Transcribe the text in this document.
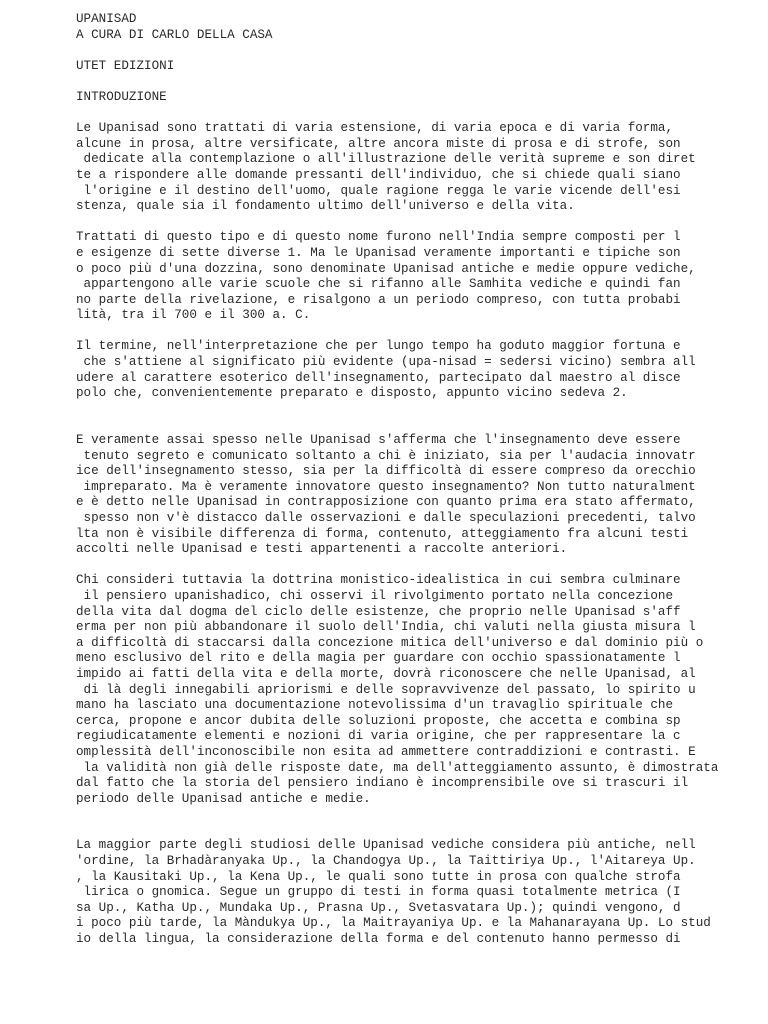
UPANISAD
A CURA DI CARLO DELLA CASA
UTET EDIZIONI
INTRODUZIONE
Le Upanisad sono trattati di varia estensione, di varia epoca e di varia forma,
alcune in prosa, altre versificate, altre ancora miste di prosa e di strofe, son
dedicate alla contemplazione o all'illustrazione delle verità supreme e son diret
te a rispondere alle domande pressanti dell'individuo, che si chiede quali siano
l'origine e il destino dell'uomo, quale ragione regga le varie vicende dell'esi
stenza, quale sia il fondamento ultimo dell'universo e della vita.
Trattati di questo tipo e di questo nome furono nell'India sempre composti per l
e esigenze di sette diverse 1. Ma le Upanisad veramente importanti e tipiche son
o poco più d'una dozzina, sono denominate Upanisad antiche e medie oppure vediche,
appartengono alle varie scuole che si rifanno alle Samhita vediche e quindi fan
no parte della rivelazione, e risalgono a un periodo compreso, con tutta probabi
lità, tra il 700 e il 300 a. C.
Il termine, nell'interpretazione che per lungo tempo ha goduto maggior fortuna e
che s'attiene al significato più evidente (upa-nisad = sedersi vicino) sembra all
udere al carattere esoterico dell'insegnamento, partecipato dal maestro al disce
polo che, convenientemente preparato e disposto, appunto vicino sedeva 2.
E veramente assai spesso nelle Upanisad s'afferma che l'insegnamento deve essere
tenuto segreto e comunicato soltanto a chi è iniziato, sia per l'audacia innovatr
ice dell'insegnamento stesso, sia per la difficoltà di essere compreso da orecchio
impreparato. Ma è veramente innovatore questo insegnamento? Non tutto naturalment
e è detto nelle Upanisad in contrapposizione con quanto prima era stato affermato,
spesso non v'è distacco dalle osservazioni e dalle speculazioni precedenti, talvo
lta non è visibile differenza di forma, contenuto, atteggiamento fra alcuni testi
accolti nelle Upanisad e testi appartenenti a raccolte anteriori.
Chi consideri tuttavia la dottrina monistico-idealistica in cui sembra culminare
il pensiero upanishadico, chi osservi il rivolgimento portato nella concezione
della vita dal dogma del ciclo delle esistenze, che proprio nelle Upanisad s'aff
erma per non più abbandonare il suolo dell'India, chi valuti nella giusta misura l
a difficoltà di staccarsi dalla concezione mitica dell'universo e dal dominio più o
meno esclusivo del rito e della magia per guardare con occhio spassionatamente l
impido ai fatti della vita e della morte, dovrà riconoscere che nelle Upanisad, al
di là degli innegabili apriorismi e delle sopravvivenze del passato, lo spirito u
mano ha lasciato una documentazione notevolissima d'un travaglio spirituale che
cerca, propone e ancor dubita delle soluzioni proposte, che accetta e combina sp
regiudicatamente elementi e nozioni di varia origine, che per rappresentare la c
omplessità dell'inconoscibile non esita ad ammettere contraddizioni e contrasti. E
la validità non già delle risposte date, ma dell'atteggiamento assunto, è dimostrata
dal fatto che la storia del pensiero indiano è incomprensibile ove si trascuri il
periodo delle Upanisad antiche e medie.
La maggior parte degli studiosi delle Upanisad vediche considera più antiche, nell
'ordine, la Brhadàranyaka Up., la Chandogya Up., la Taittiriya Up., l'Aitareya Up.
, la Kausitaki Up., la Kena Up., le quali sono tutte in prosa con qualche strofa
lirica o gnomica. Segue un gruppo di testi in forma quasi totalmente metrica (I
sa Up., Katha Up., Mundaka Up., Prasna Up., Svetasvatara Up.); quindi vengono, d
i poco più tarde, la Màndukya Up., la Maitrayaniya Up. e la Mahanarayana Up. Lo stud
io della lingua, la considerazione della forma e del contenuto hanno permesso di
